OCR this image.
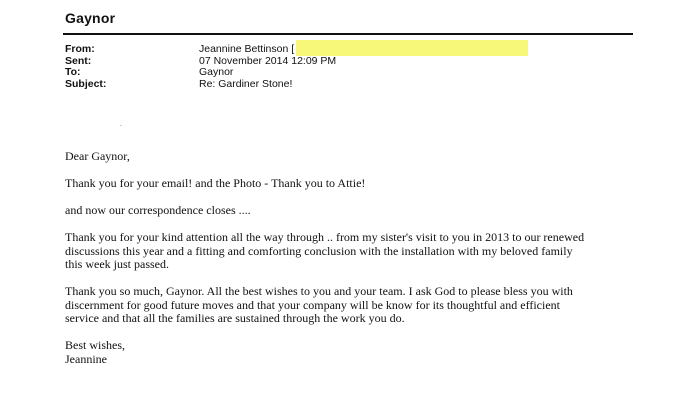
Gaynor
From:	Jeannine Bettinson [
Sent:	07 November 2014 12:09 PM
To:	Gaynor
Subject:	Re: Gardiner Stone!

Dear Gaynor,

Thank you for your email! and the Photo - Thank you to Attie!

and now our correspondence closes ....

Thank you for your kind attention all the way through .. from my sister's visit to you in 2013 to our renewed

discussions this year and a fitting and comforting conclusion with the installation with my beloved family

this week just passed.

Thank you so much, Gaynor. All the best wishes to you and your team. I ask God to please bless you with

discernment for good future moves and that your company will be know for its thoughtful and efficient

service and that all the families are sustained through the work you do.

Best wishes,

Jeannine
